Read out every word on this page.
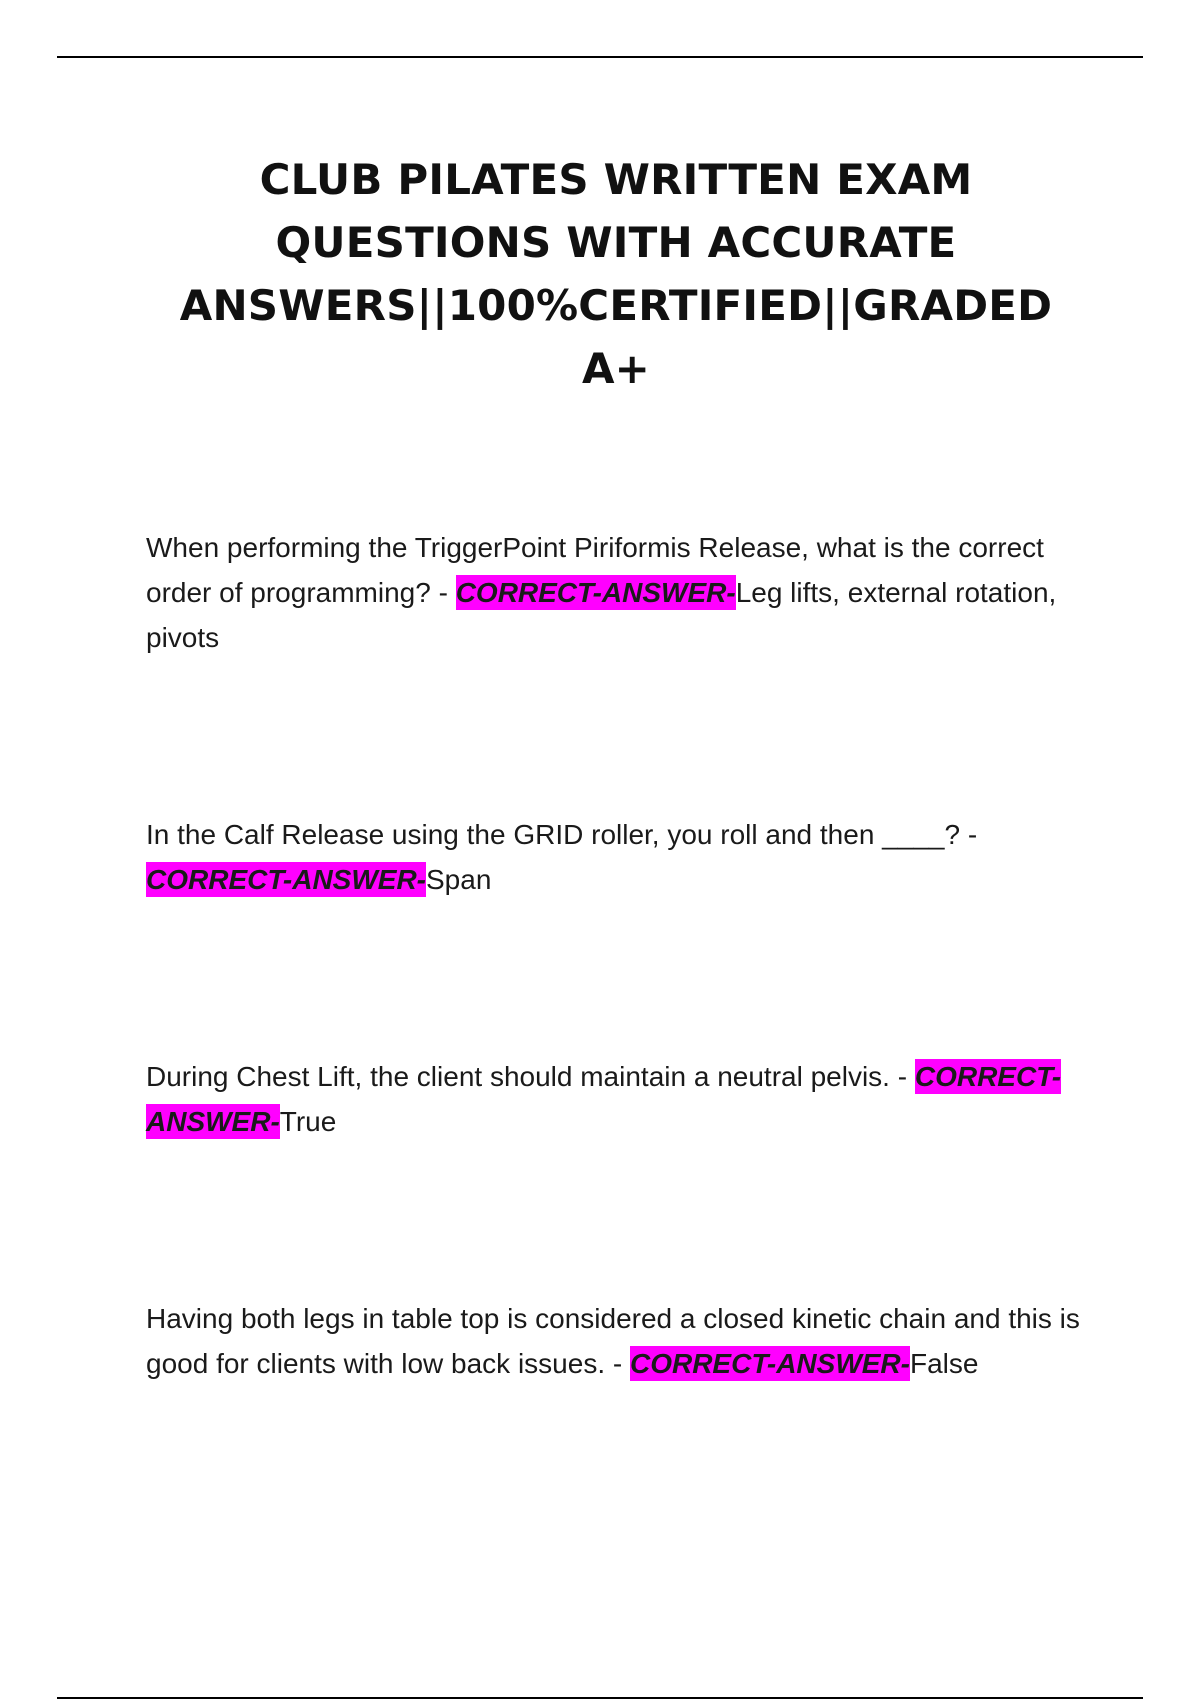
CLUB PILATES WRITTEN EXAM
QUESTIONS WITH ACCURATE
ANSWERS||100%CERTIFIED||GRADED
A+

When performing the TriggerPoint Piriformis Release, what is the correct order of programming? - CORRECT-ANSWER-Leg lifts, external rotation, pivots

In the Calf Release using the GRID roller, you roll and then ____? - CORRECT-ANSWER-Span

During Chest Lift, the client should maintain a neutral pelvis. - CORRECT-ANSWER-True

Having both legs in table top is considered a closed kinetic chain and this is good for clients with low back issues. - CORRECT-ANSWER-False
